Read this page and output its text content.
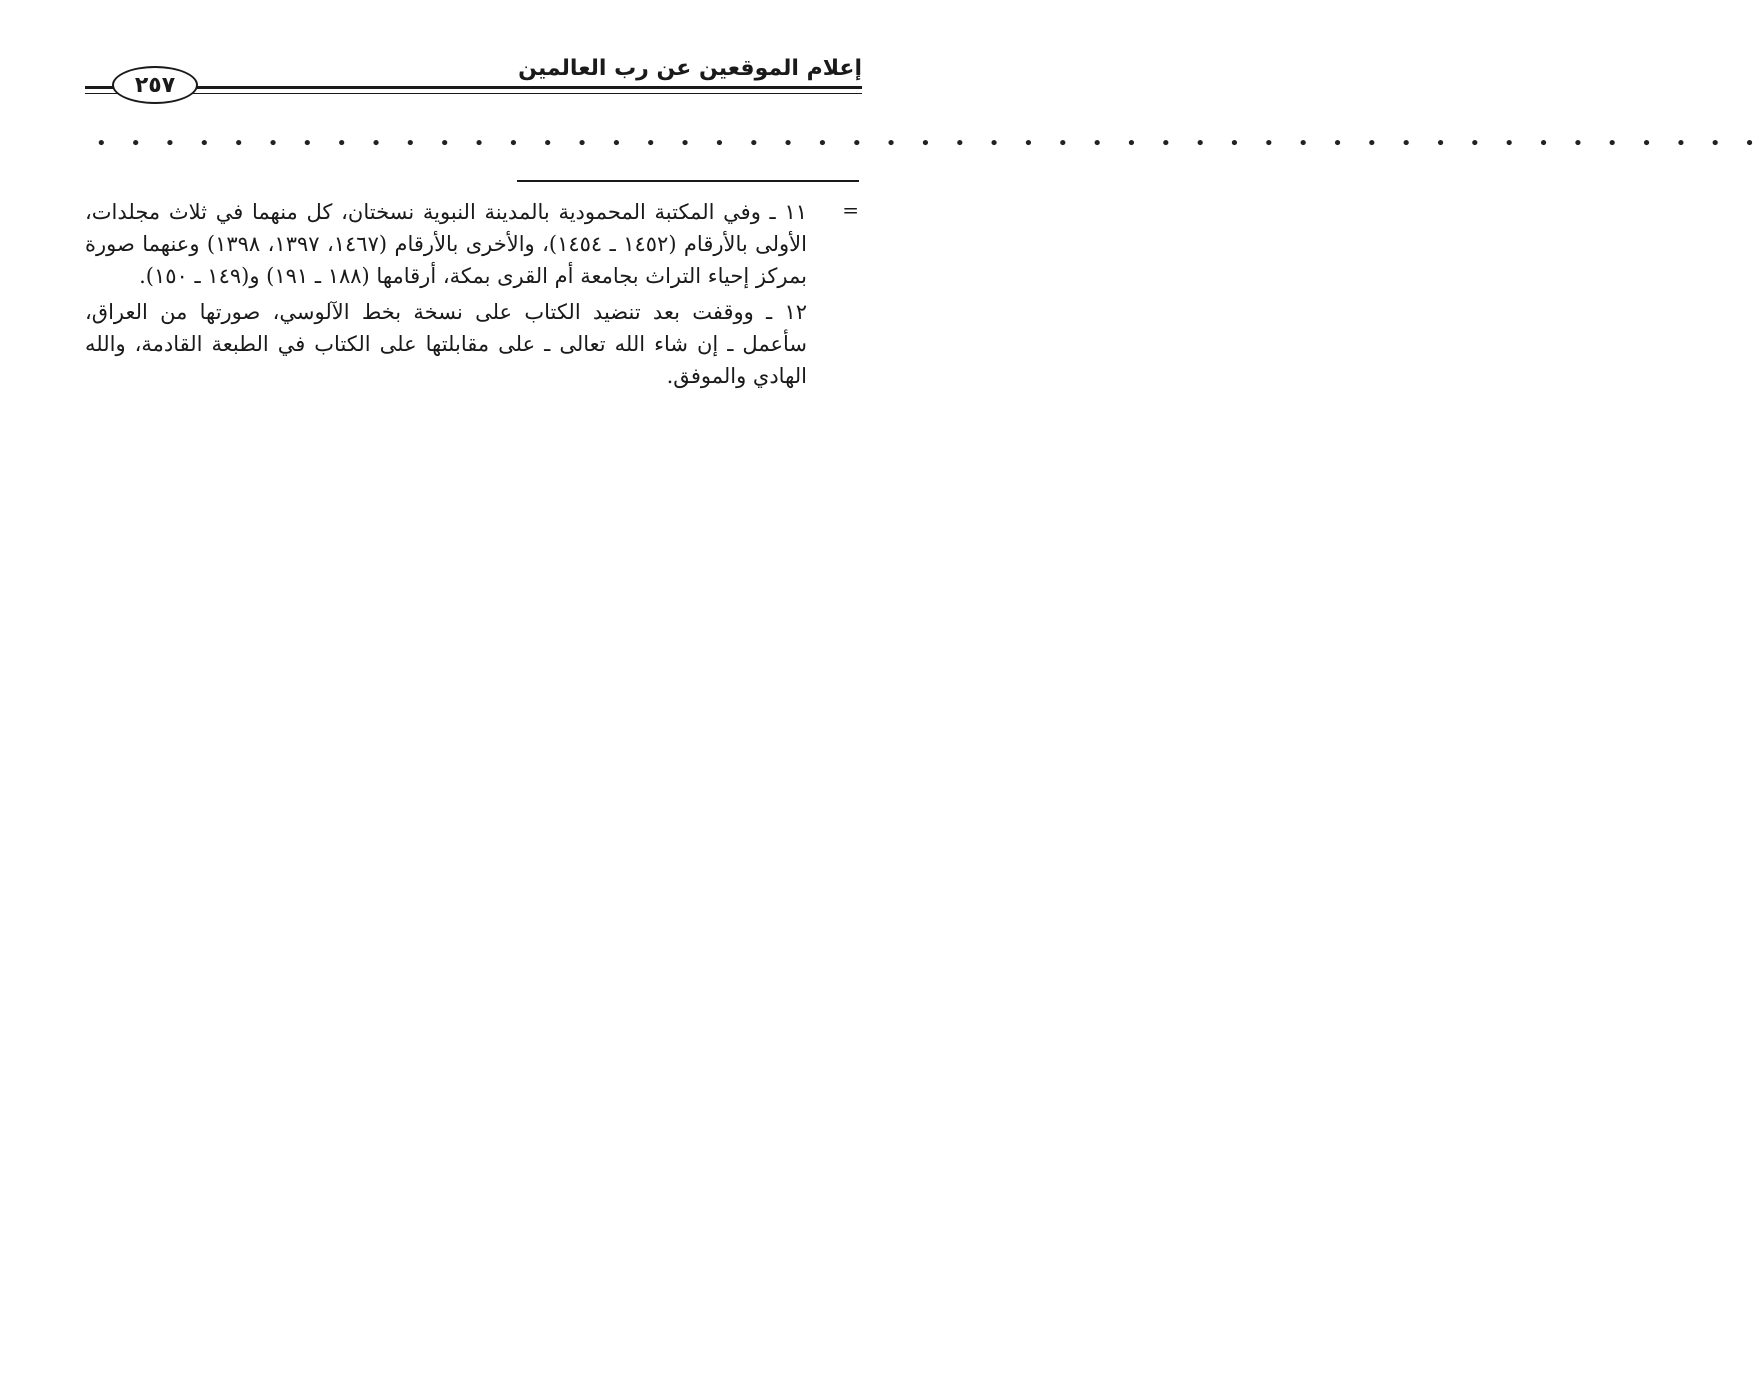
إعلام الموقعين عن رب العالمين
٢٥٧
• • • • • • • • • • • • • • • • • • • • • • • • • • • • • • • • • • • • • • • • • • • • • • • • •
=

١١ ـ وفي المكتبة المحمودية بالمدينة النبوية نسختان، كل منهما في ثلاث مجلدات، الأولى بالأرقام (١٤٥٢ ـ ١٤٥٤)، والأخرى بالأرقام (١٤٦٧، ١٣٩٧، ١٣٩٨) وعنهما صورة بمركز إحياء التراث بجامعة أم القرى بمكة، أرقامها (١٨٨ ـ ١٩١) و(١٤٩ ـ ١٥٠).

١٢ ـ ووقفت بعد تنضيد الكتاب على نسخة بخط الآلوسي، صورتها من العراق، سأعمل ـ إن شاء الله تعالى ـ على مقابلتها على الكتاب في الطبعة القادمة، والله الهادي والموفق.
